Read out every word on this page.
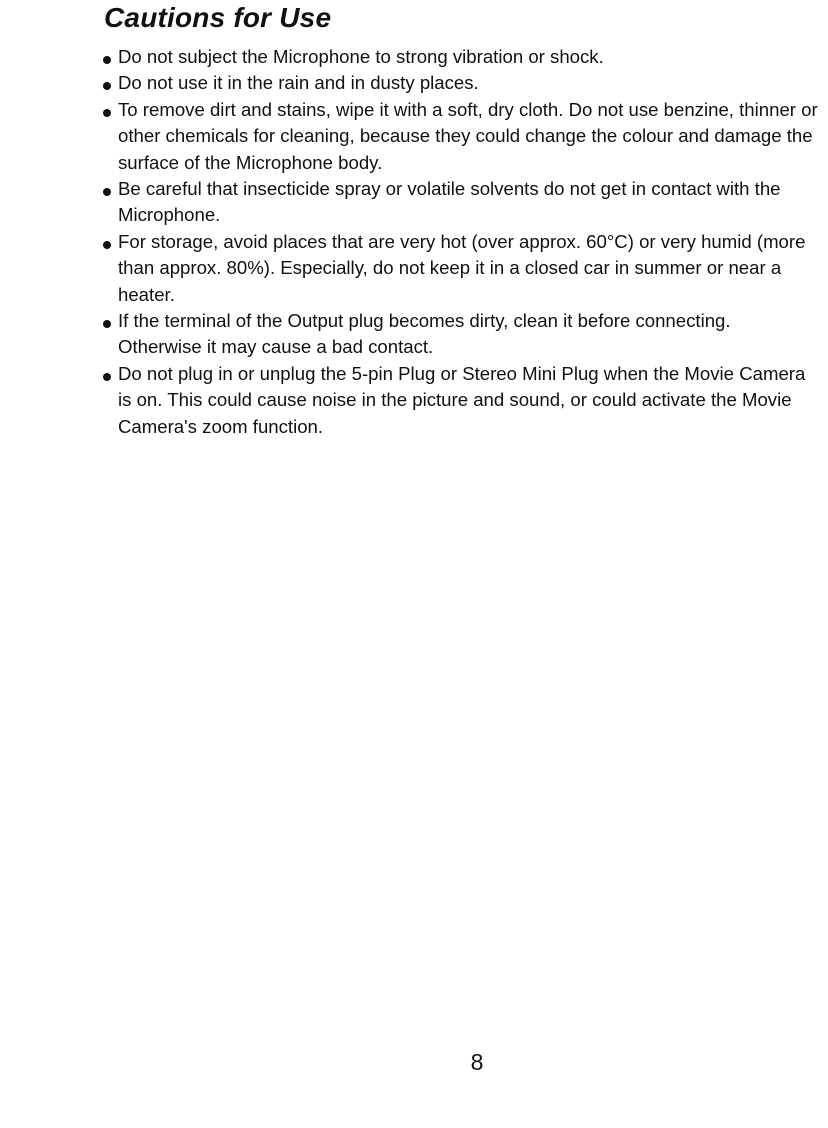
Cautions for Use
Do not subject the Microphone to strong vibration or shock.
Do not use it in the rain and in dusty places.
To remove dirt and stains, wipe it with a soft, dry cloth. Do not use benzine, thinner or other chemicals for cleaning, because they could change the colour and damage the surface of the Microphone body.
Be careful that insecticide spray or volatile solvents do not get in contact with the Microphone.
For storage, avoid places that are very hot (over approx. 60°C) or very humid (more than approx. 80%). Especially, do not keep it in a closed car in summer or near a heater.
If the terminal of the Output plug becomes dirty, clean it before connecting. Otherwise it may cause a bad contact.
Do not plug in or unplug the 5-pin Plug or Stereo Mini Plug when the Movie Camera is on. This could cause noise in the picture and sound, or could activate the Movie Camera's zoom function.
8
